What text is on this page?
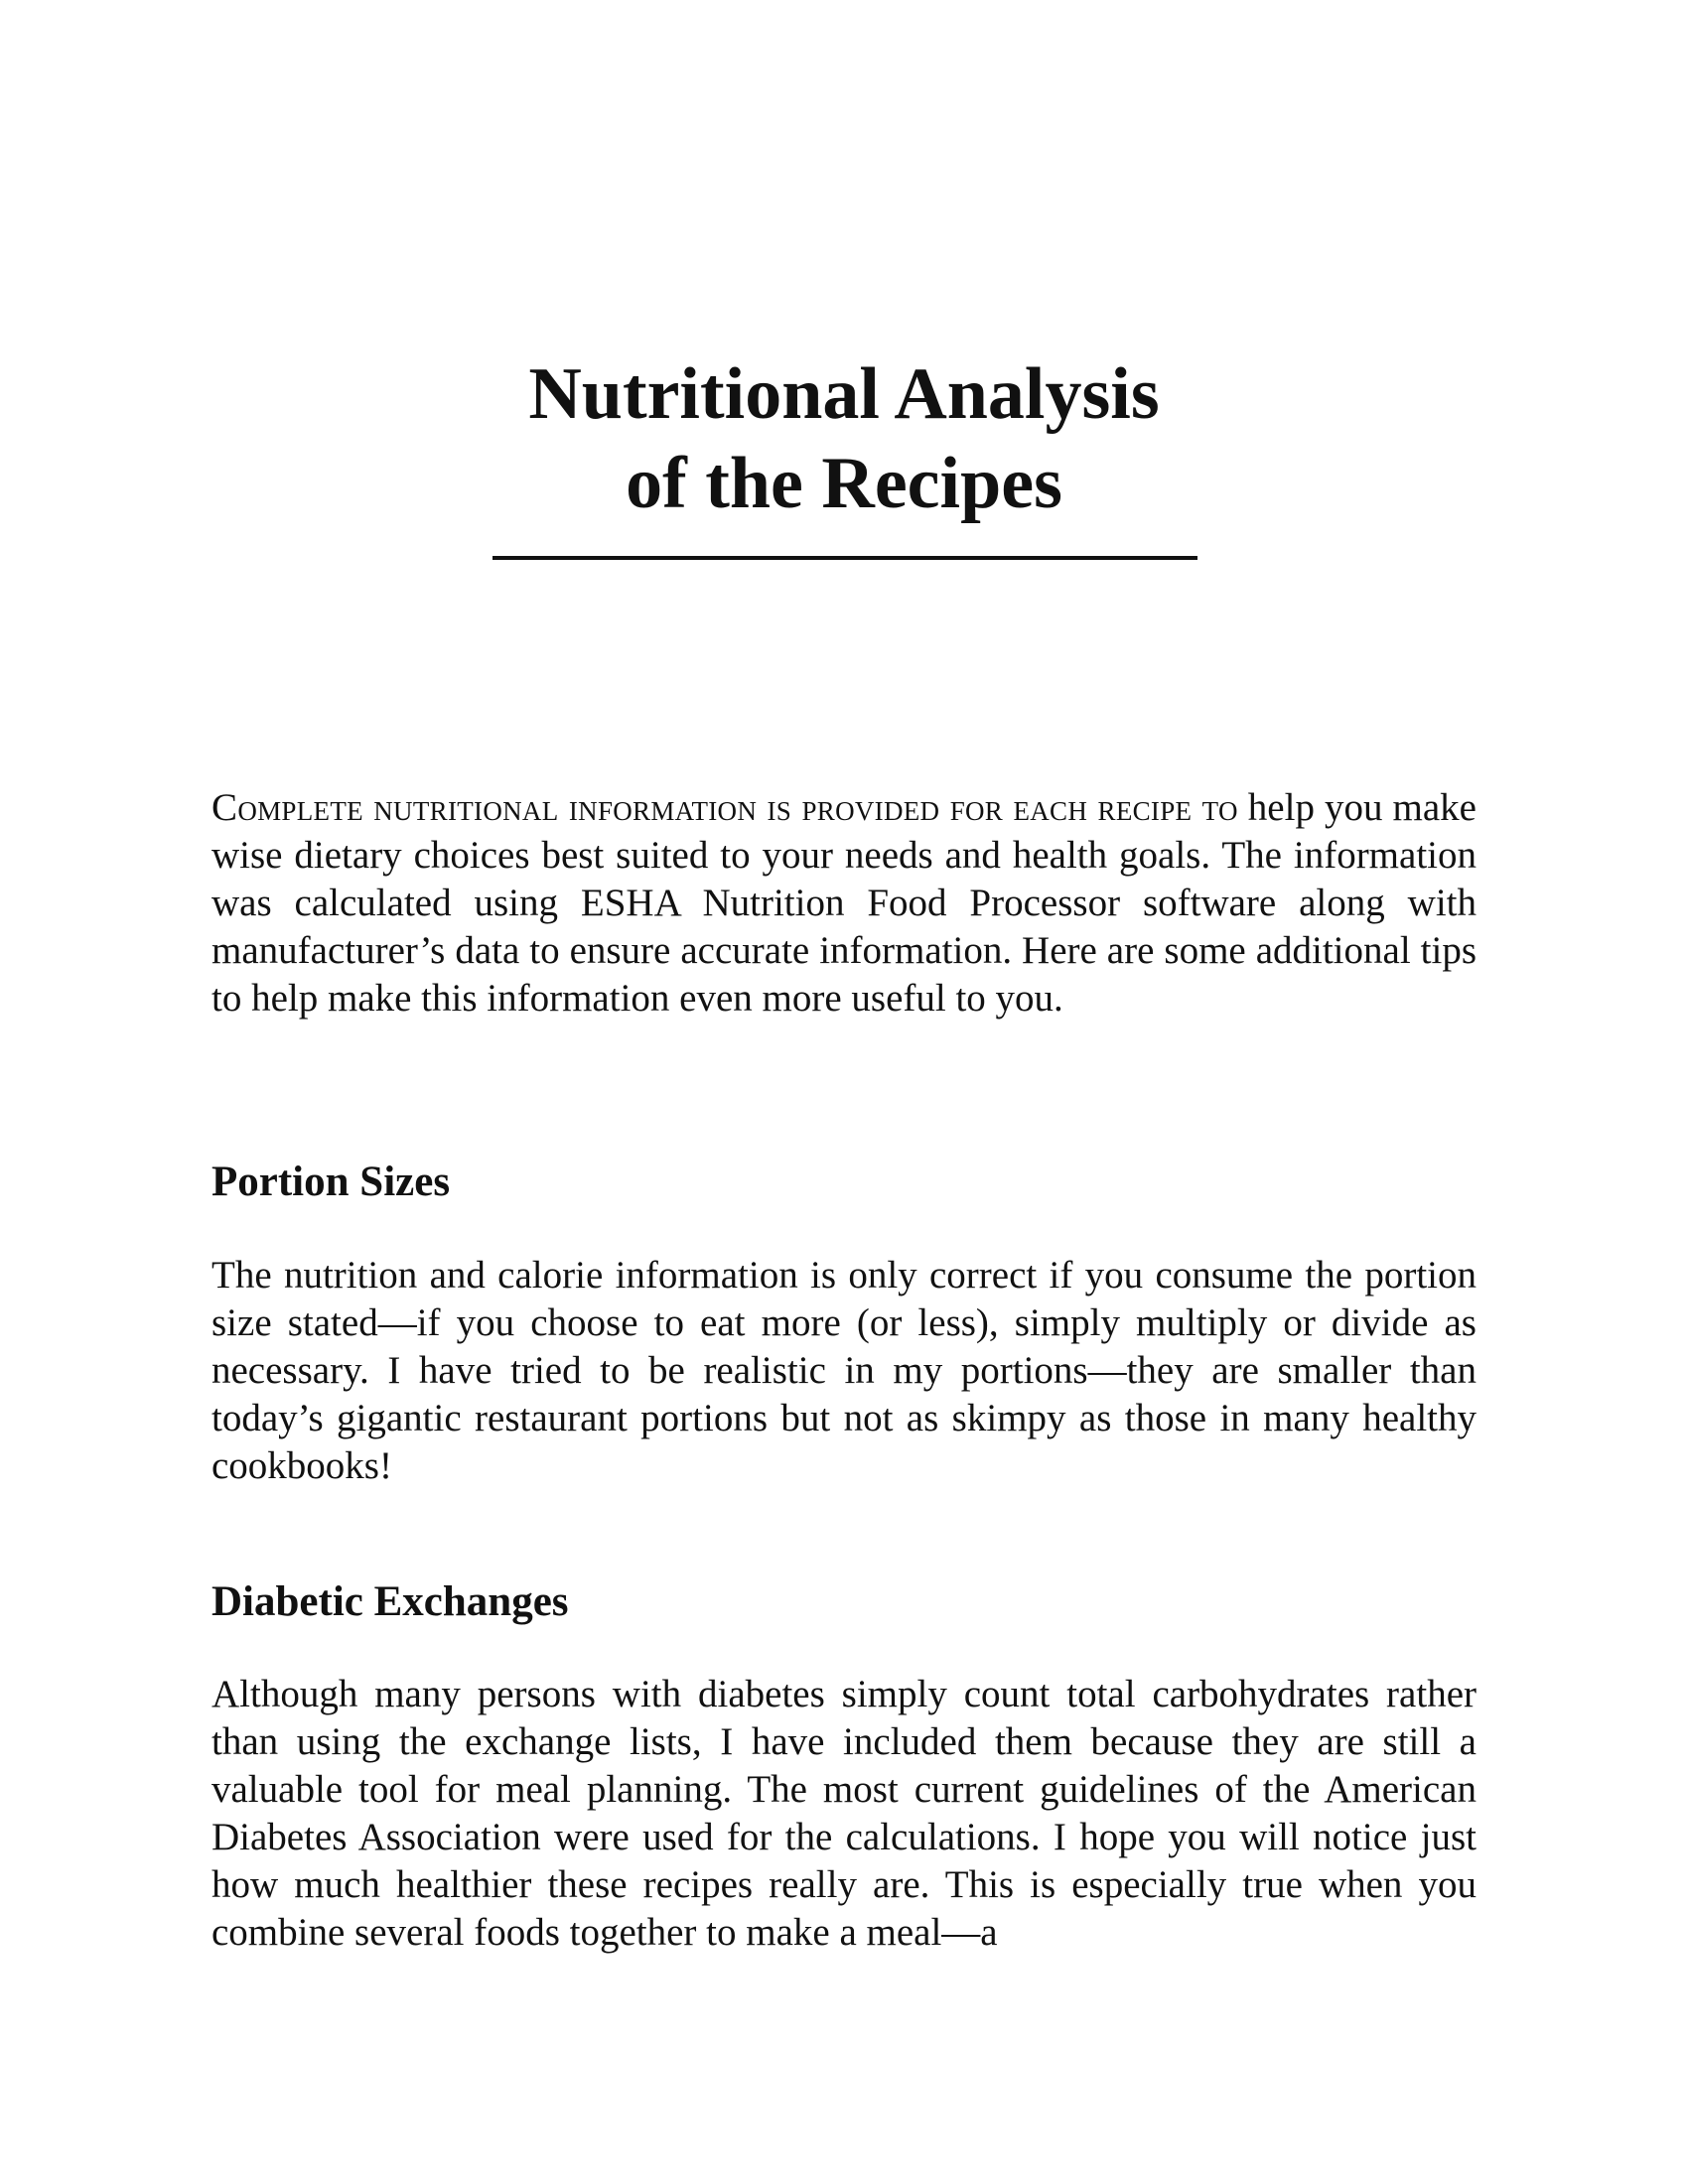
Nutritional Analysis
of the Recipes

Complete nutritional information is provided for each recipe to help you make wise dietary choices best suited to your needs and health goals. The information was calculated using ESHA Nutrition Food Processor software along with manufacturer’s data to ensure accurate information. Here are some additional tips to help make this information even more useful to you.

Portion Sizes

The nutrition and calorie information is only correct if you consume the portion size stated—if you choose to eat more (or less), simply multiply or divide as necessary. I have tried to be realistic in my portions—they are smaller than today’s gigantic restaurant portions but not as skimpy as those in many healthy cookbooks!

Diabetic Exchanges

Although many persons with diabetes simply count total carbohydrates rather than using the exchange lists, I have included them because they are still a valuable tool for meal planning. The most current guidelines of the American Diabetes Association were used for the calculations. I hope you will notice just how much healthier these recipes really are. This is especially true when you combine several foods together to make a meal—a
